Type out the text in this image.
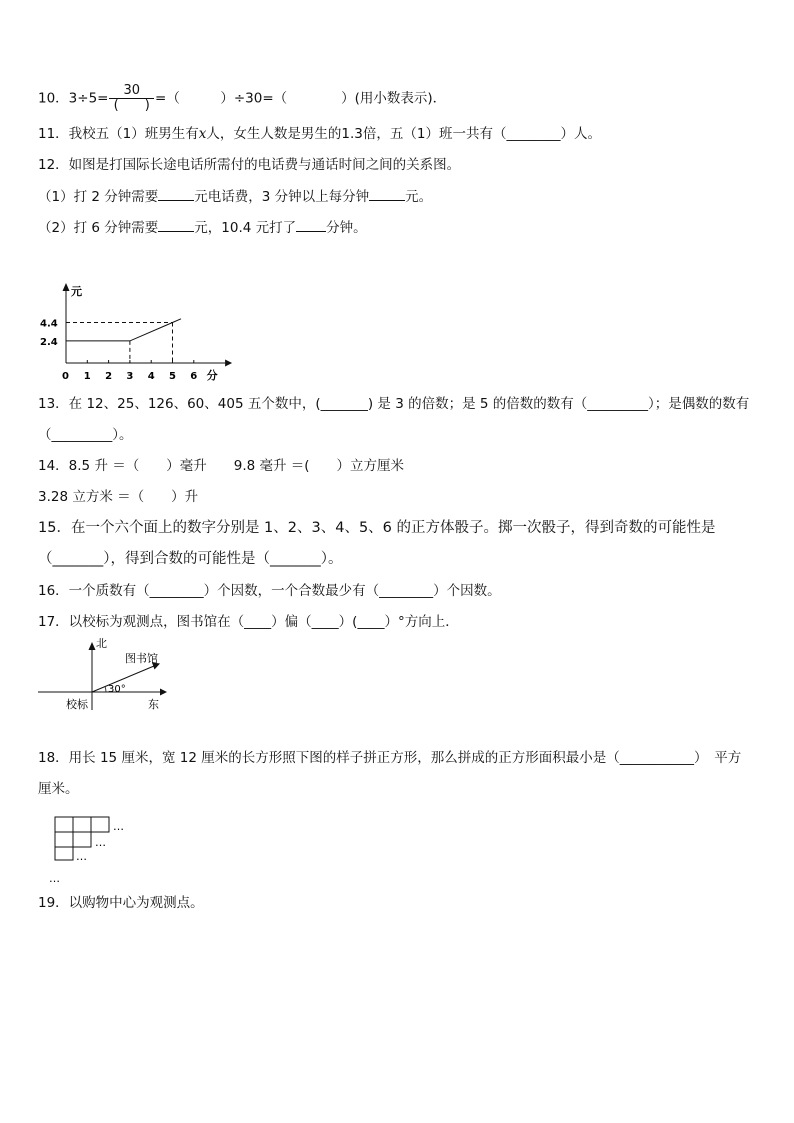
10．$3\div 5= \frac{30}{( )}$ =（　　　）÷30=（　　　　）(用小数表示)．
11．我校五（1）班男生有x人，女生人数是男生的1.3倍，五（1）班一共有（________）人。
12．如图是打国际长途电话所需付的电话费与通话时间之间的关系图。
（1）打 2 分钟需要	元电话费，3 分钟以上每分钟	元。
（2）打 6 分钟需要	元，10.4 元打了 分钟。
元
分
0 1 2 3 4 5 6
2.4
4.4
13．在 12、25、126、60、405 五个数中，(_______) 是 3 的倍数；是 5 的倍数的数有（_________）；是偶数的数有
（_________）。
14．8.5 升 ＝（　　）毫升　　9.8 毫升 ＝(　　）立方厘米
3.28 立方米 ＝（　　）升
15．在一个六个面上的数字分别是 1、2、3、4、5、6 的正方体骰子。掷一次骰子，得到奇数的可能性是
（_______），得到合数的可能性是（_______）。
16．一个质数有（________）个因数，一个合数最少有（________）个因数。
17．以校标为观测点，图书馆在（____）偏（____）(____）°方向上．
北
东
校标
图书馆
30°
18．用长 15 厘米，宽 12 厘米的长方形照下图的样子拼正方形，那么拼成的正方形面积最小是（___________）　平方
厘米。
…
…
…
…
19．以购物中心为观测点。
